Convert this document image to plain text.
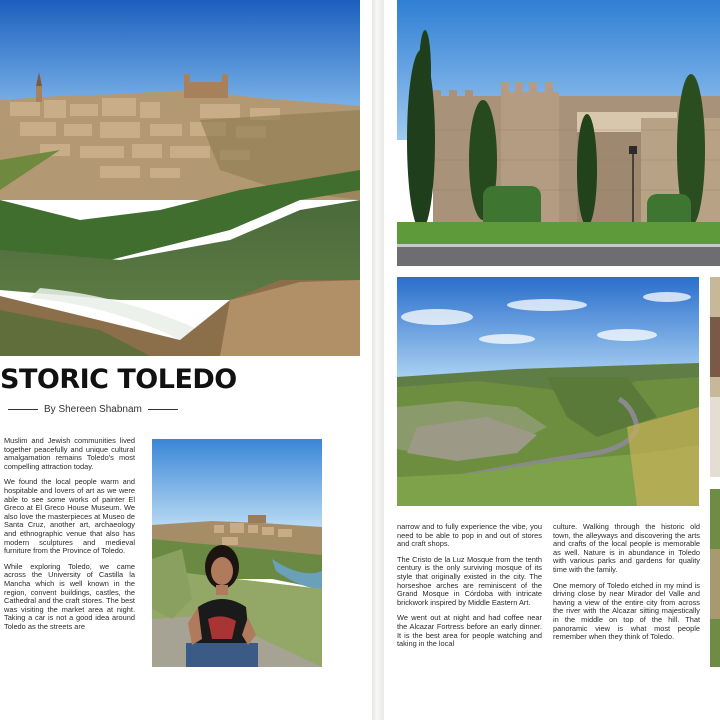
STORIC TOLEDO
By Shereen Shabnam

Muslim and Jewish communities lived together peacefully and unique cultural amalgamation remains Toledo's most compelling attraction today.

We found the local people warm and hospitable and lovers of art as we were able to see some works of painter El Greco at El Greco House Museum. We also love the masterpieces at Museo de Santa Cruz, another art, archaeology and ethnographic venue that also has modern sculptures and medieval furniture from the Province of Toledo.

While exploring Toledo, we came across the University of Castilla la Mancha which is well known in the region, convent buildings, castles, the Cathedral and the craft stores. The best was visiting the market area at night. Taking a car is not a good idea around Toledo as the streets are

narrow and to fully experience the vibe, you need to be able to pop in and out of stores and craft shops.

The Cristo de la Luz Mosque from the tenth century is the only surviving mosque of its style that originally existed in the city. The horseshoe arches are reminiscent of the Grand Mosque in Córdoba with intricate brickwork inspired by Middle Eastern Art.

We went out at night and had coffee near the Alcazar Fortress before an early dinner. It is the best area for people watching and taking in the local

culture. Walking through the historic old town, the alleyways and discovering the arts and crafts of the local people is memorable as well. Nature is in abundance in Toledo with various parks and gardens for quality time with the family.

One memory of Toledo etched in my mind is driving close by near Mirador del Valle and having a view of the entire city from across the river with the Alcazar sitting majestically in the middle on top of the hill. That panoramic view is what most people remember when they think of Toledo.
